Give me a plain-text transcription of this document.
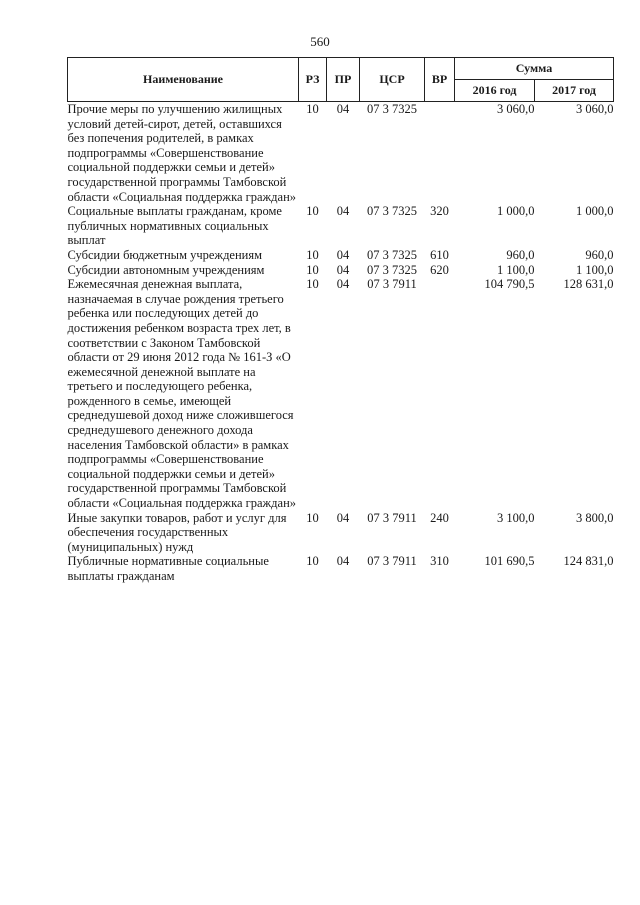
560
Наименование	РЗ	ПР	ЦСР	ВР	Сумма	
					2016 год	2017 год
Прочие меры по улучшению жилищных условий детей-сирот, детей, оставшихся без попечения родителей, в рамках подпрограммы «Совершенствование социальной поддержки семьи и детей» государственной программы Тамбовской области «Социальная поддержка граждан»	10	04	07 3 7325		3 060,0	3 060,0
Социальные выплаты гражданам, кроме публичных нормативных социальных выплат	10	04	07 3 7325	320	1 000,0	1 000,0
Субсидии бюджетным учреждениям	10	04	07 3 7325	610	960,0	960,0
Субсидии автономным учреждениям	10	04	07 3 7325	620	1 100,0	1 100,0
Ежемесячная денежная выплата, назначаемая в случае рождения третьего ребенка или последующих детей до достижения ребенком возраста трех лет, в соответствии с Законом Тамбовской области от 29 июня 2012 года № 161-З «О ежемесячной денежной выплате на третьего и последующего ребенка, рожденного в семье, имеющей среднедушевой доход ниже сложившегося среднедушевого денежного дохода населения Тамбовской области» в рамках подпрограммы «Совершенствование социальной поддержки семьи и детей» государственной программы Тамбовской области «Социальная поддержка граждан»	10	04	07 3 7911		104 790,5	128 631,0
Иные закупки товаров, работ и услуг для обеспечения государственных (муниципальных) нужд	10	04	07 3 7911	240	3 100,0	3 800,0
Публичные нормативные социальные выплаты гражданам	10	04	07 3 7911	310	101 690,5	124 831,0
